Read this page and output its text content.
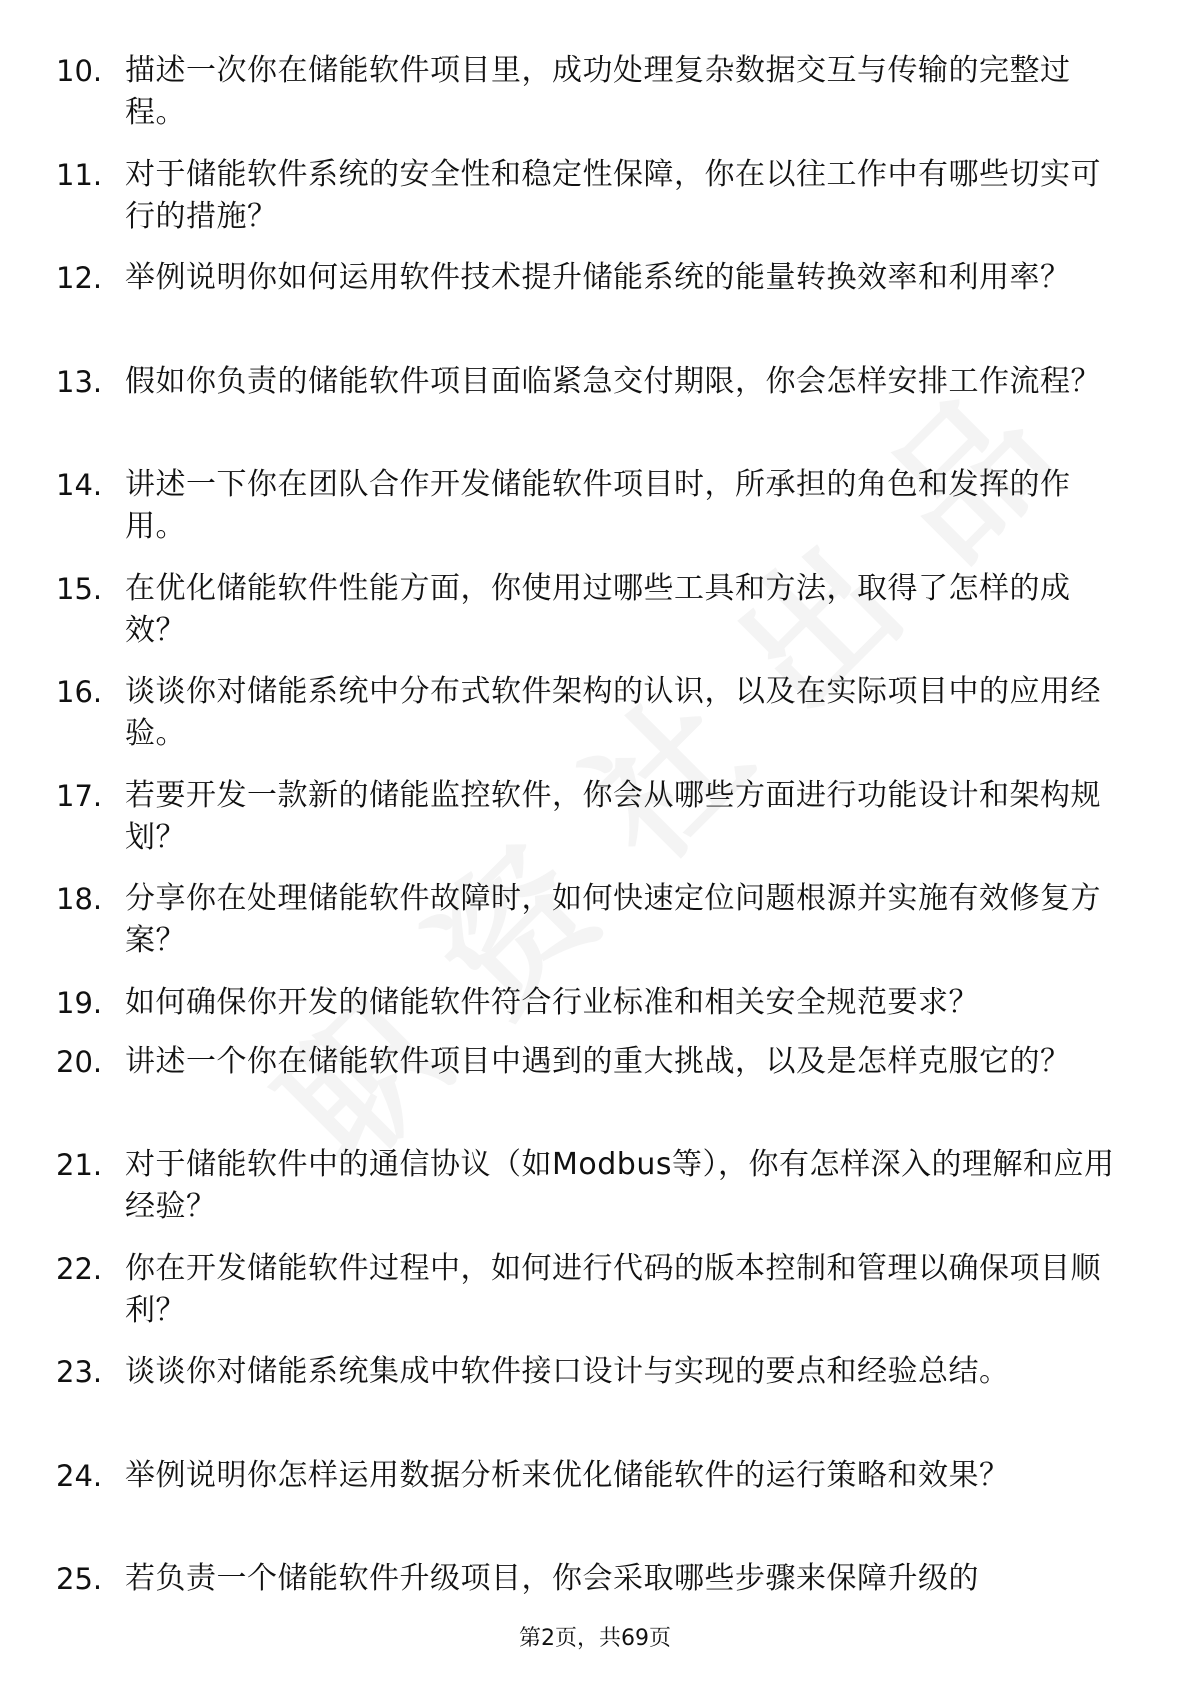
10. 描述一次你在储能软件项目里，成功处理复杂数据交互与传输的完整过程。
11. 对于储能软件系统的安全性和稳定性保障，你在以往工作中有哪些切实可行的措施？
12. 举例说明你如何运用软件技术提升储能系统的能量转换效率和利用率？
13. 假如你负责的储能软件项目面临紧急交付期限，你会怎样安排工作流程？
14. 讲述一下你在团队合作开发储能软件项目时，所承担的角色和发挥的作用。
15. 在优化储能软件性能方面，你使用过哪些工具和方法，取得了怎样的成效？
16. 谈谈你对储能系统中分布式软件架构的认识，以及在实际项目中的应用经验。
17. 若要开发一款新的储能监控软件，你会从哪些方面进行功能设计和架构规划？
18. 分享你在处理储能软件故障时，如何快速定位问题根源并实施有效修复方案？
19. 如何确保你开发的储能软件符合行业标准和相关安全规范要求？
20. 讲述一个你在储能软件项目中遇到的重大挑战，以及是怎样克服它的？
21. 对于储能软件中的通信协议（如Modbus等），你有怎样深入的理解和应用经验？
22. 你在开发储能软件过程中，如何进行代码的版本控制和管理以确保项目顺利？
23. 谈谈你对储能系统集成中软件接口设计与实现的要点和经验总结。
24. 举例说明你怎样运用数据分析来优化储能软件的运行策略和效果？
25. 若负责一个储能软件升级项目，你会采取哪些步骤来保障升级的
第2页，共69页
